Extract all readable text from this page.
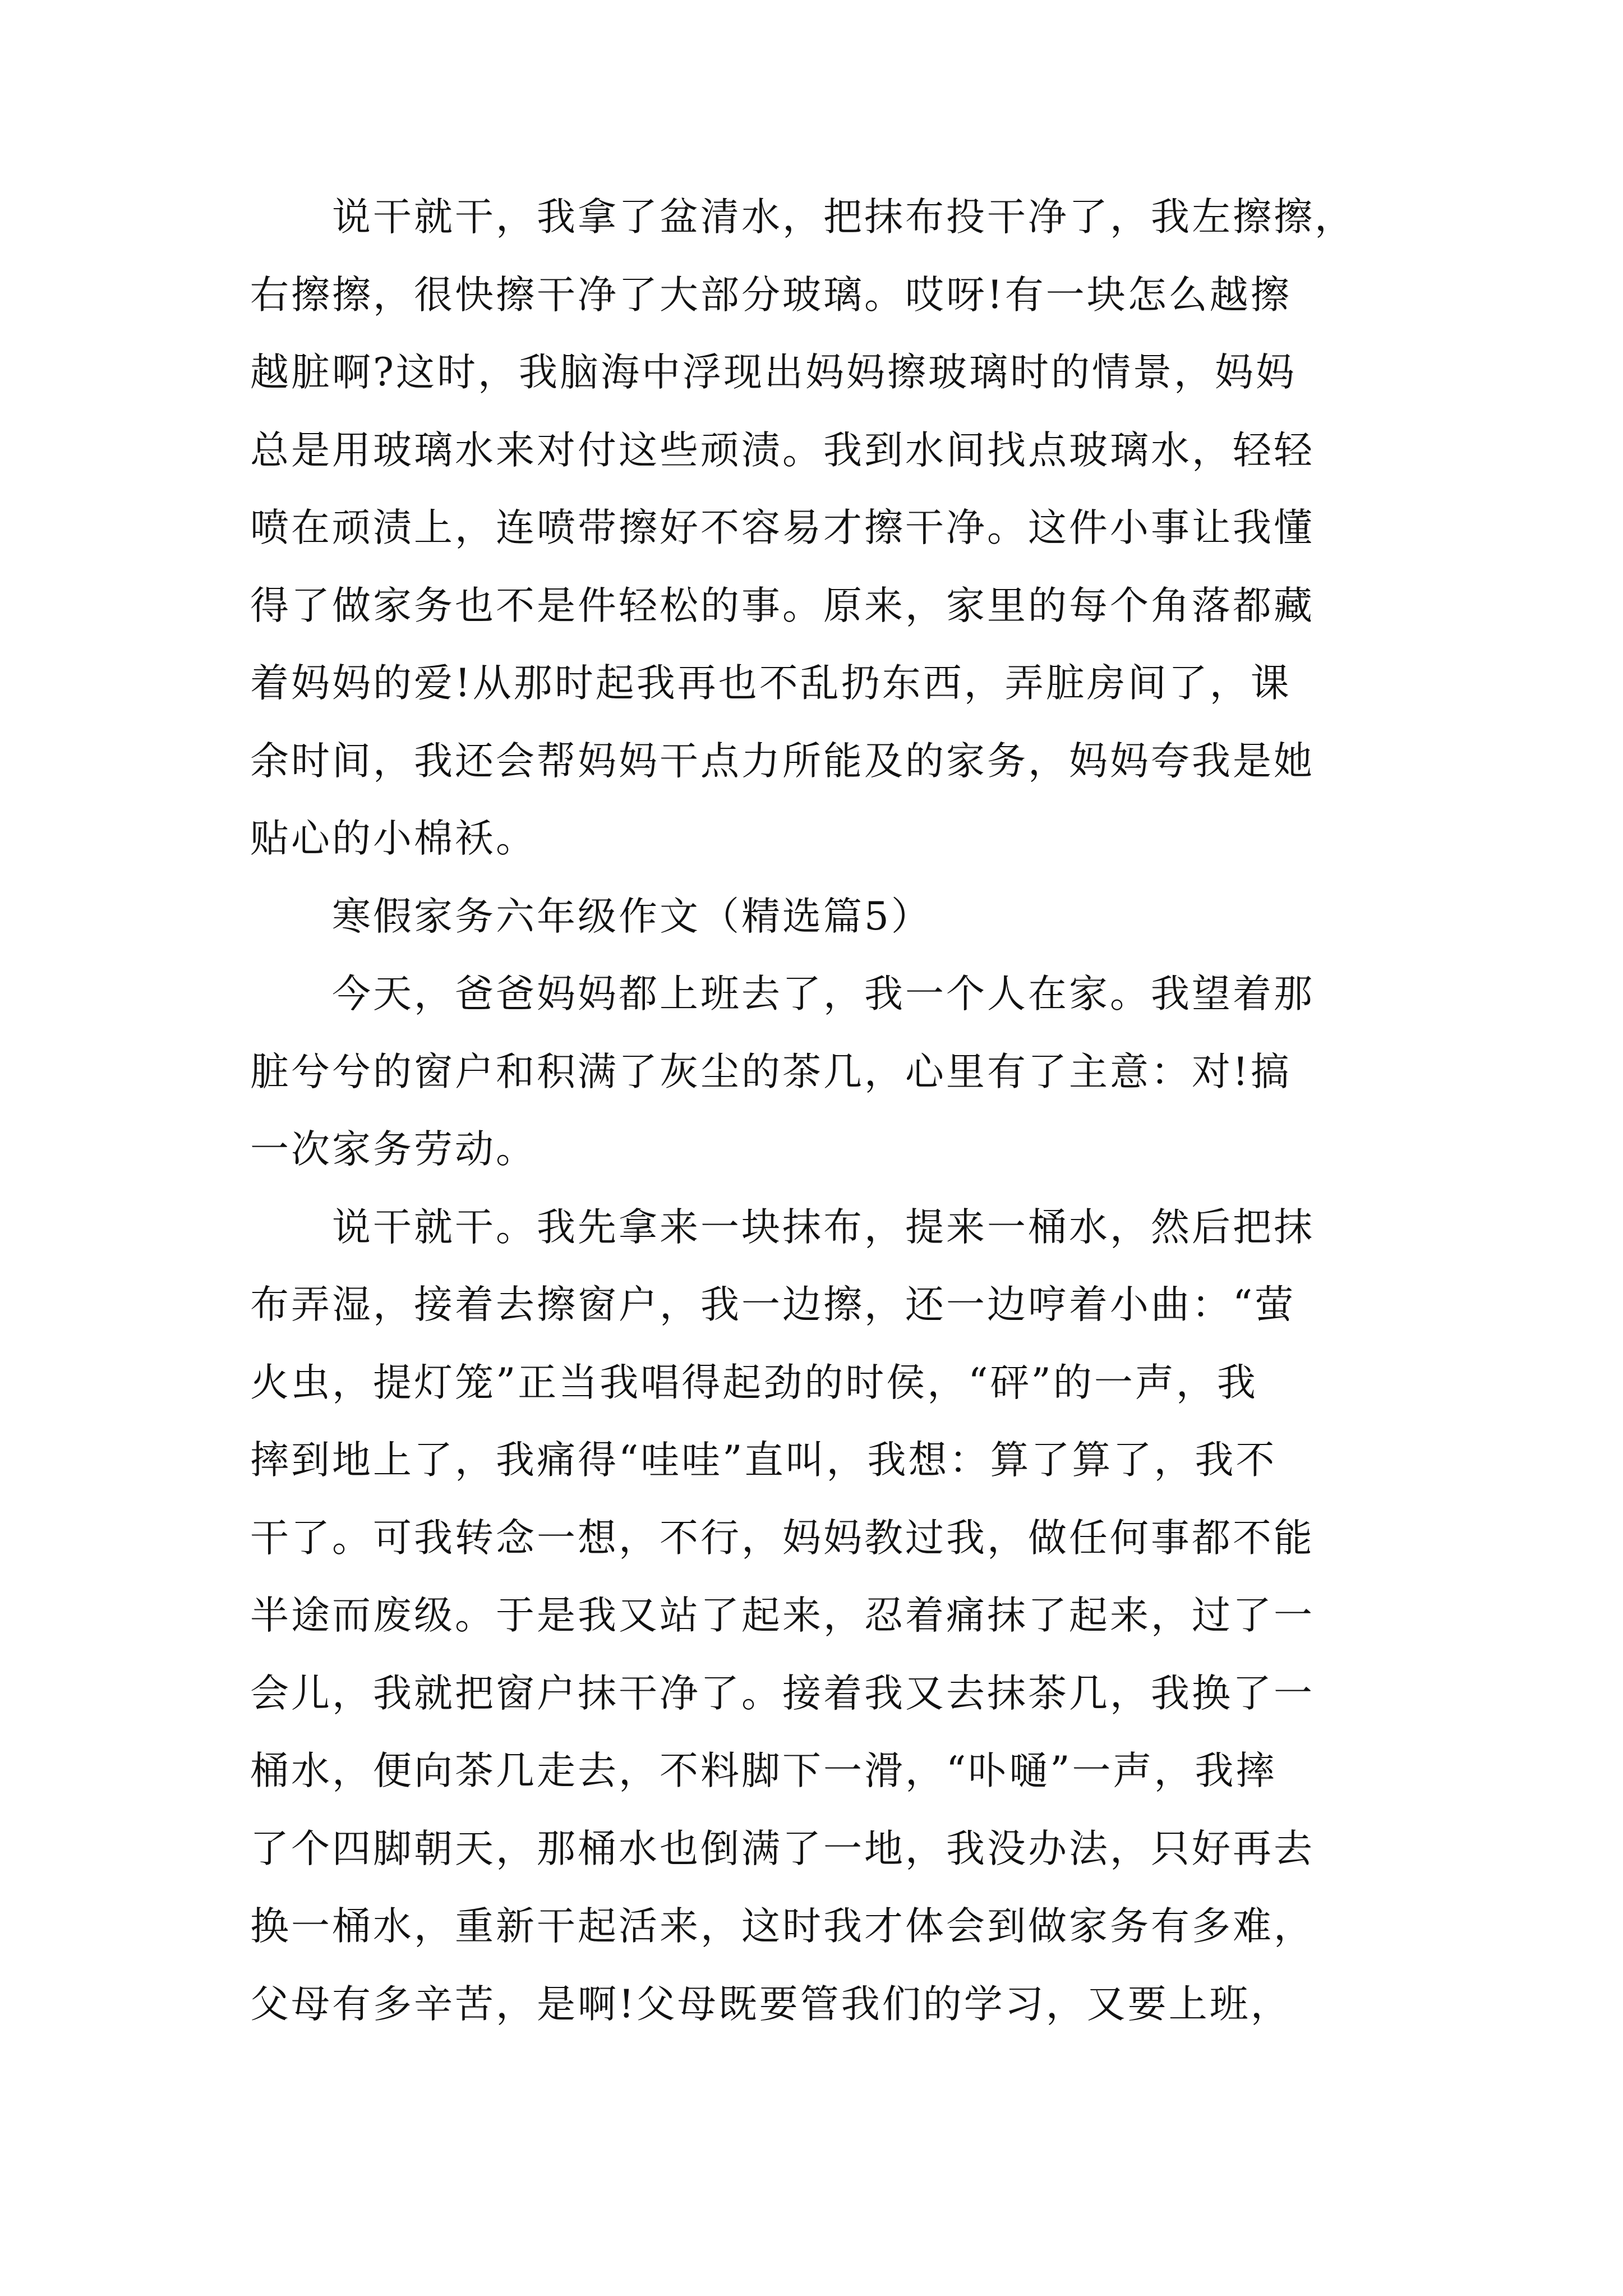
说干就干，我拿了盆清水，把抹布投干净了，我左擦擦，
右擦擦，很快擦干净了大部分玻璃。哎呀!有一块怎么越擦
越脏啊?这时，我脑海中浮现出妈妈擦玻璃时的情景，妈妈
总是用玻璃水来对付这些顽渍。我到水间找点玻璃水，轻轻
喷在顽渍上，连喷带擦好不容易才擦干净。这件小事让我懂
得了做家务也不是件轻松的事。原来，家里的每个角落都藏
着妈妈的爱!从那时起我再也不乱扔东西，弄脏房间了，课
余时间，我还会帮妈妈干点力所能及的家务，妈妈夸我是她
贴心的小棉袄。

寒假家务六年级作文（精选篇5）

今天，爸爸妈妈都上班去了，我一个人在家。我望着那
脏兮兮的窗户和积满了灰尘的茶几，心里有了主意：对!搞
一次家务劳动。

说干就干。我先拿来一块抹布，提来一桶水，然后把抹
布弄湿，接着去擦窗户，我一边擦，还一边哼着小曲：“萤
火虫，提灯笼”正当我唱得起劲的时侯，“砰”的一声，我
摔到地上了，我痛得“哇哇”直叫，我想：算了算了，我不
干了。可我转念一想，不行，妈妈教过我，做任何事都不能
半途而废级。于是我又站了起来，忍着痛抹了起来，过了一
会儿，我就把窗户抹干净了。接着我又去抹茶几，我换了一
桶水，便向茶几走去，不料脚下一滑，“卟嗵”一声，我摔
了个四脚朝天，那桶水也倒满了一地，我没办法，只好再去
换一桶水，重新干起活来，这时我才体会到做家务有多难，
父母有多辛苦，是啊!父母既要管我们的学习，又要上班，
